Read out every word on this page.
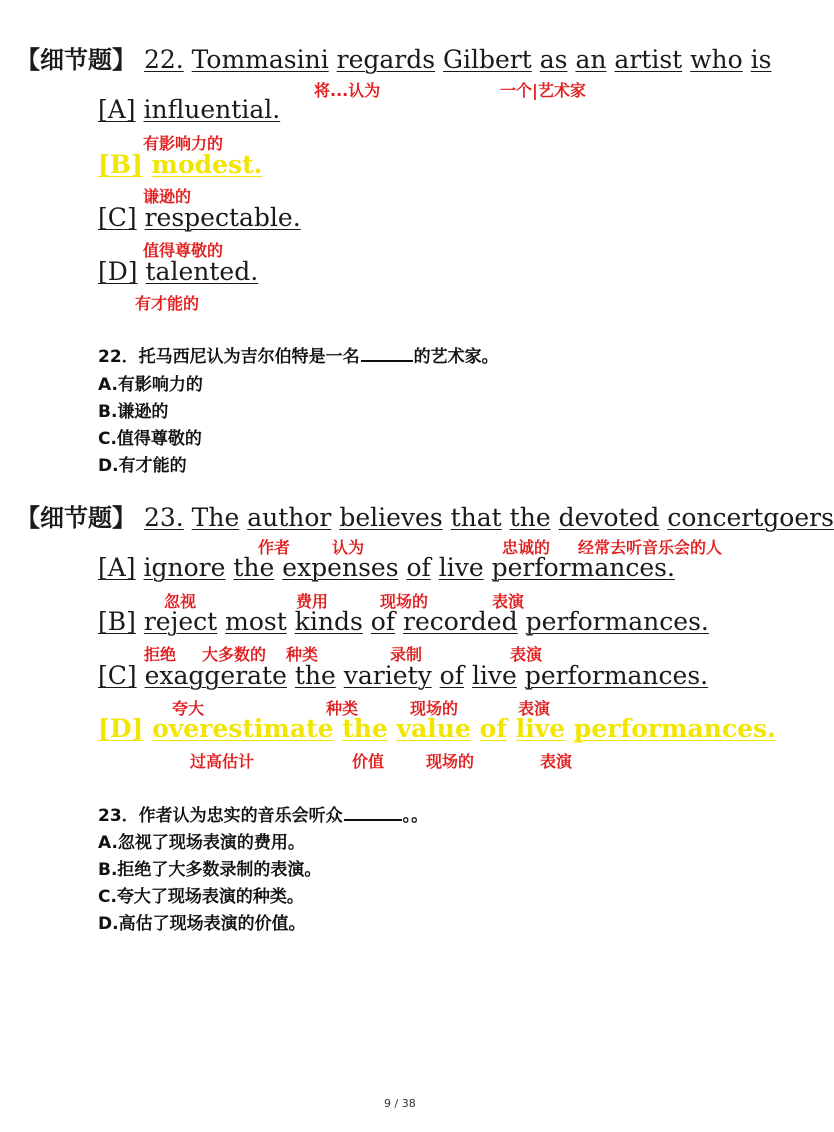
【细节题】 22. Tommasini regards Gilbert as an artist who is
将...认为	一个|艺术家
[A] influential.
有影响力的
[B] modest.
谦逊的
[C] respectable.
值得尊敬的
[D] talented.
有才能的
22．托马西尼认为吉尔伯特是一名	的艺术家。
A.有影响力的
B.谦逊的
C.值得尊敬的
D.有才能的
【细节题】 23. The author believes that the devoted concertgoers
作者	认为	忠诚的 经常去听音乐会的人
[A] ignore the expenses of live performances.
忽视	费用	现场的	表演
[B] reject most kinds of recorded performances.
拒绝 大多数的 种类	录制	表演
[C] exaggerate the variety of live performances.
夸大	种类	现场的	表演
[D] overestimate the value of live performances.
过高估计	价值	现场的	表演
23．作者认为忠实的音乐会听众	。。
A.忽视了现场表演的费用。
B.拒绝了大多数录制的表演。
C.夸大了现场表演的种类。
D.高估了现场表演的价值。
9 / 38
